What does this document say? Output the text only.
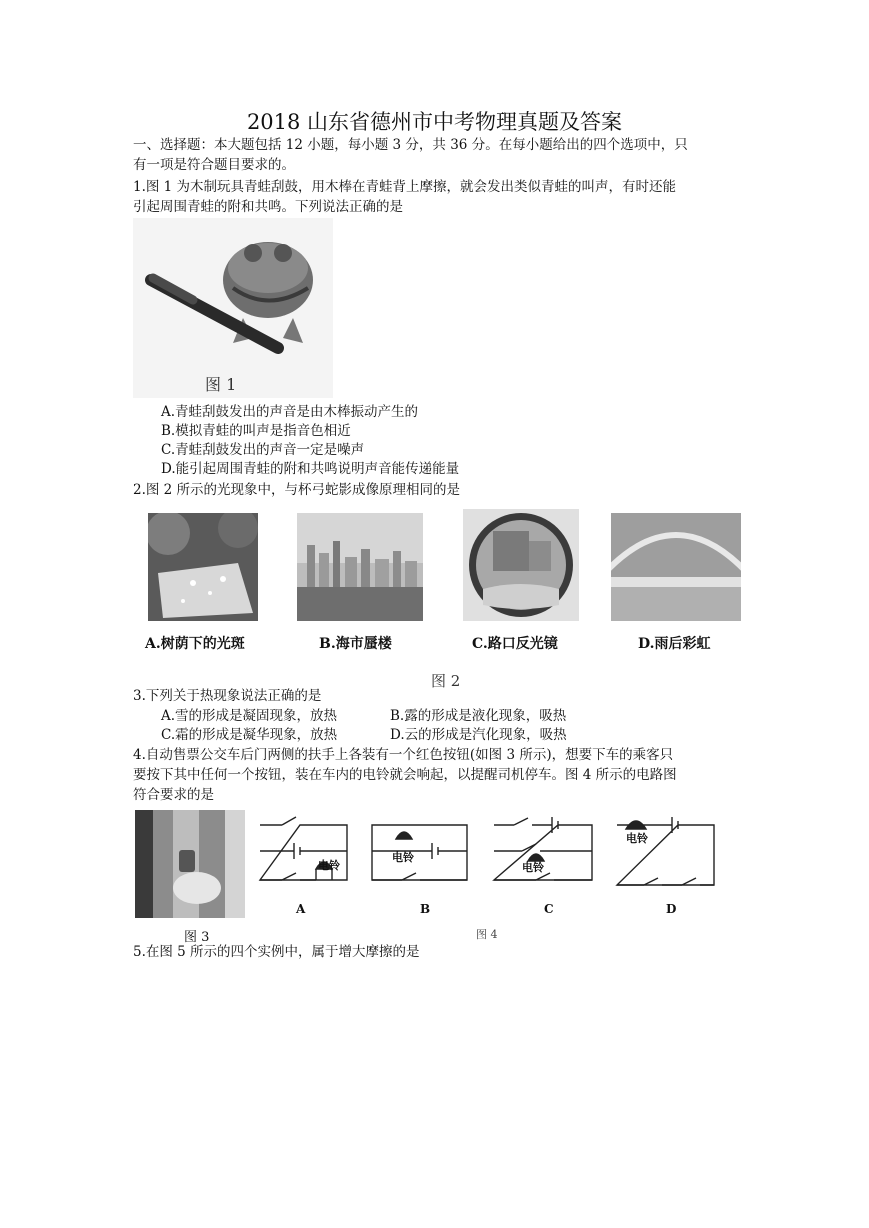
2018 山东省德州市中考物理真题及答案
一、选择题：本大题包括 12 小题，每小题 3 分，共 36 分。在每小题给出的四个选项中，只
有一项是符合题目要求的。
1.图 1 为木制玩具青蛙刮鼓，用木棒在青蛙背上摩擦，就会发出类似青蛙的叫声，有时还能
引起周围青蛙的附和共鸣。下列说法正确的是
图 1
A.青蛙刮鼓发出的声音是由木棒振动产生的
B.模拟青蛙的叫声是指音色相近
C.青蛙刮鼓发出的声音一定是噪声
D.能引起周围青蛙的附和共鸣说明声音能传递能量
2.图 2 所示的光现象中，与杯弓蛇影成像原理相同的是
A.树荫下的光斑	B.海市蜃楼	C.路口反光镜	D.雨后彩虹
图 2
3.下列关于热现象说法正确的是
A.雪的形成是凝固现象，放热	B.露的形成是液化现象，吸热
C.霜的形成是凝华现象，放热	D.云的形成是汽化现象，吸热
4.自动售票公交车后门两侧的扶手上各装有一个红色按钮(如图 3 所示)，想要下车的乘客只
要按下其中任何一个按钮，装在车内的电铃就会响起，以提醒司机停车。图 4 所示的电路图
符合要求的是
图 3
电铃
电铃
电铃
电铃
A	B	C	D
图 4
5.在图 5 所示的四个实例中，属于增大摩擦的是
